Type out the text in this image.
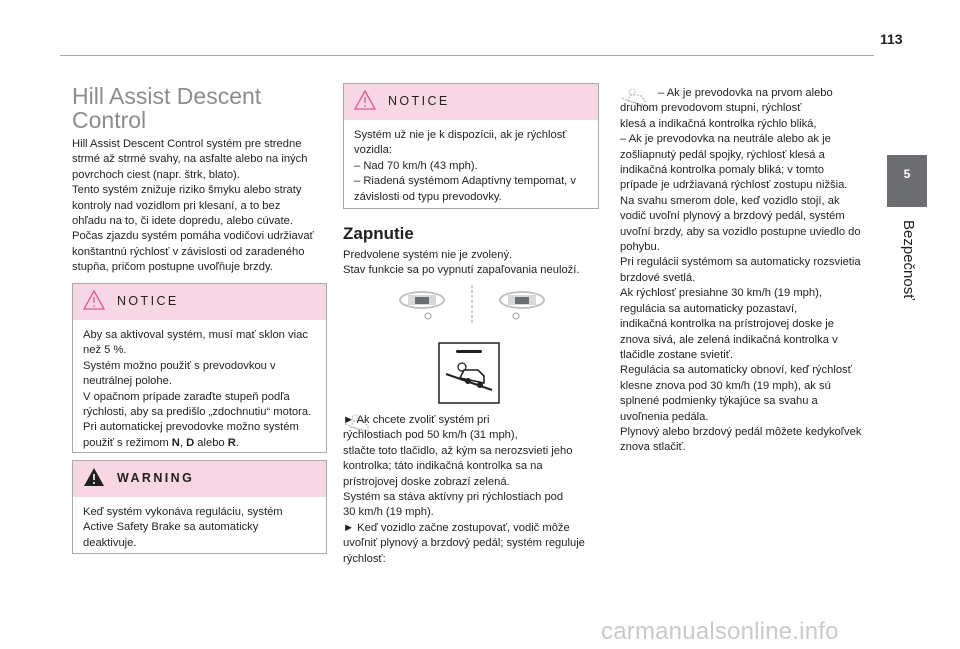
113
5
Bezpečnosť
Hill Assist Descent Control

Hill Assist Descent Control systém pre stredne
strmé až strmé svahy, na asfalte alebo na iných
povrchoch ciest (napr. štrk, blato).
Tento systém znižuje riziko šmyku alebo straty
kontroly nad vozidlom pri klesaní, a to bez
ohľadu na to, či idete dopredu, alebo cúvate.
Počas zjazdu systém pomáha vodičovi udržiavať
konštantnú rýchlosť v závislosti od zaradeného
stupňa, pričom postupne uvoľňuje brzdy.

NOTICE
Aby sa aktivoval systém, musí mať sklon viac
než 5 %.
Systém možno použiť s prevodovkou v
neutrálnej polohe.
V opačnom prípade zaraďte stupeň podľa
rýchlosti, aby sa predišlo „zdochnutiu“ motora.
Pri automatickej prevodovke možno systém
použiť s režimom N, D alebo R.
WARNING

Keď systém vykonáva reguláciu, systém
Active Safety Brake sa automaticky
deaktivuje.

NOTICE

Systém už nie je k dispozícii, ak je rýchlosť
vozidla:
– Nad 70 km/h (43 mph).
– Riadená systémom Adaptívny tempomat, v
závislosti od typu prevodovky.

Zapnutie

Predvolene systém nie je zvolený.
Stav funkcie sa po vypnutí zapaľovania neuloží.

► Ak chcete zvoliť systém pri
rýchlostiach pod 50 km/h (31 mph),
stlačte toto tlačidlo, až kým sa nerozsvieti jeho
kontrolka; táto indikačná kontrolka sa na
prístrojovej doske zobrazí zelená.
Systém sa stáva aktívny pri rýchlostiach pod
30 km/h (19 mph).
► Keď vozidlo začne zostupovať, vodič môže
uvoľniť plynový a brzdový pedál; systém reguluje
rýchlosť:

– Ak je prevodovka na prvom alebo
druhom prevodovom stupni, rýchlosť
klesá a indikačná kontrolka rýchlo bliká,
– Ak je prevodovka na neutrále alebo ak je
zošliapnutý pedál spojky, rýchlosť klesá a
indikačná kontrolka pomaly bliká; v tomto
prípade je udržiavaná rýchlosť zostupu nižšia.
Na svahu smerom dole, keď vozidlo stojí, ak
vodič uvoľní plynový a brzdový pedál, systém
uvoľní brzdy, aby sa vozidlo postupne uviedlo do
pohybu.
Pri regulácii systémom sa automaticky rozsvietia
brzdové svetlá.
Ak rýchlosť presiahne 30 km/h (19 mph),
regulácia sa automaticky pozastaví,
indikačná kontrolka na prístrojovej doske je
znova sivá, ale zelená indikačná kontrolka v
tlačidle zostane svietiť.
Regulácia sa automaticky obnoví, keď rýchlosť
klesne znova pod 30 km/h (19 mph), ak sú
splnené podmienky týkajúce sa svahu a
uvoľnenia pedála.
Plynový alebo brzdový pedál môžete kedykoľvek
znova stlačiť.

carmanualsonline.info
